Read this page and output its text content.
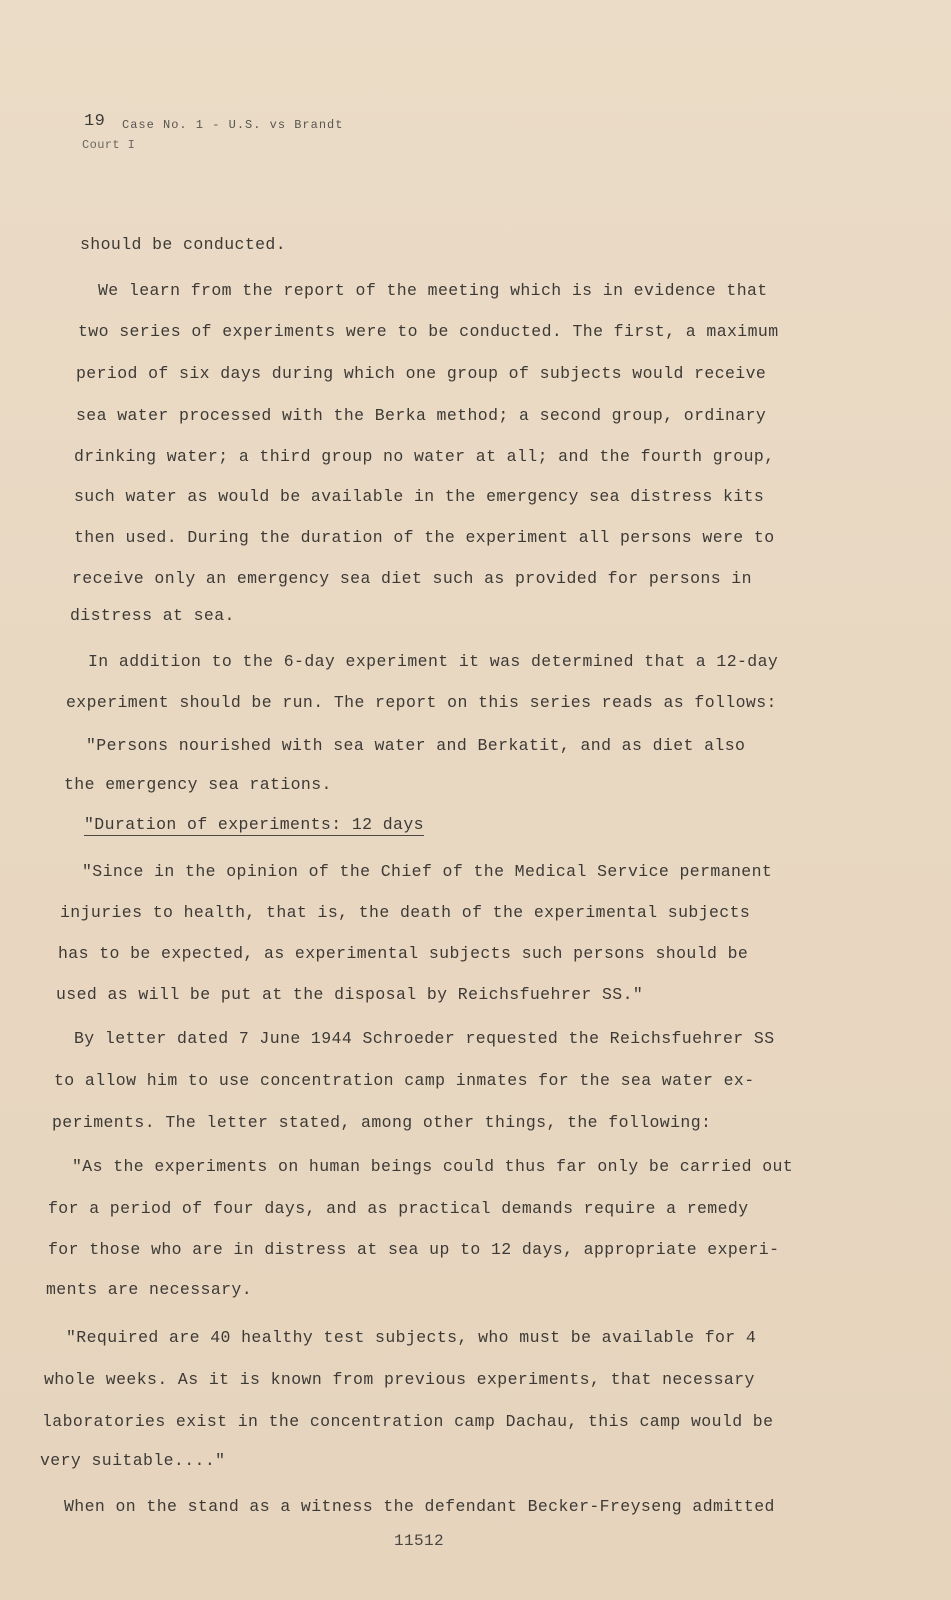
19 Case No. 1 - U.S. vs Brandt
Court I
should be conducted.
We learn from the report of the meeting which is in evidence that
two series of experiments were to be conducted. The first, a maximum
period of six days during which one group of subjects would receive
sea water processed with the Berka method; a second group, ordinary
drinking water; a third group no water at all; and the fourth group,
such water as would be available in the emergency sea distress kits
then used. During the duration of the experiment all persons were to
receive only an emergency sea diet such as provided for persons in
distress at sea.
In addition to the 6-day experiment it was determined that a 12-day
experiment should be run. The report on this series reads as follows:
"Persons nourished with sea water and Berkatit, and as diet also
the emergency sea rations.
"Duration of experiments: 12 days
"Since in the opinion of the Chief of the Medical Service permanent
injuries to health, that is, the death of the experimental subjects
has to be expected, as experimental subjects such persons should be
used as will be put at the disposal by Reichsfuehrer SS."
By letter dated 7 June 1944 Schroeder requested the Reichsfuehrer SS
to allow him to use concentration camp inmates for the sea water ex-
periments. The letter stated, among other things, the following:
"As the experiments on human beings could thus far only be carried out
for a period of four days, and as practical demands require a remedy
for those who are in distress at sea up to 12 days, appropriate experi-
ments are necessary.
"Required are 40 healthy test subjects, who must be available for 4
whole weeks. As it is known from previous experiments, that necessary
laboratories exist in the concentration camp Dachau, this camp would be
very suitable...."
When on the stand as a witness the defendant Becker-Freyseng admitted
11512
